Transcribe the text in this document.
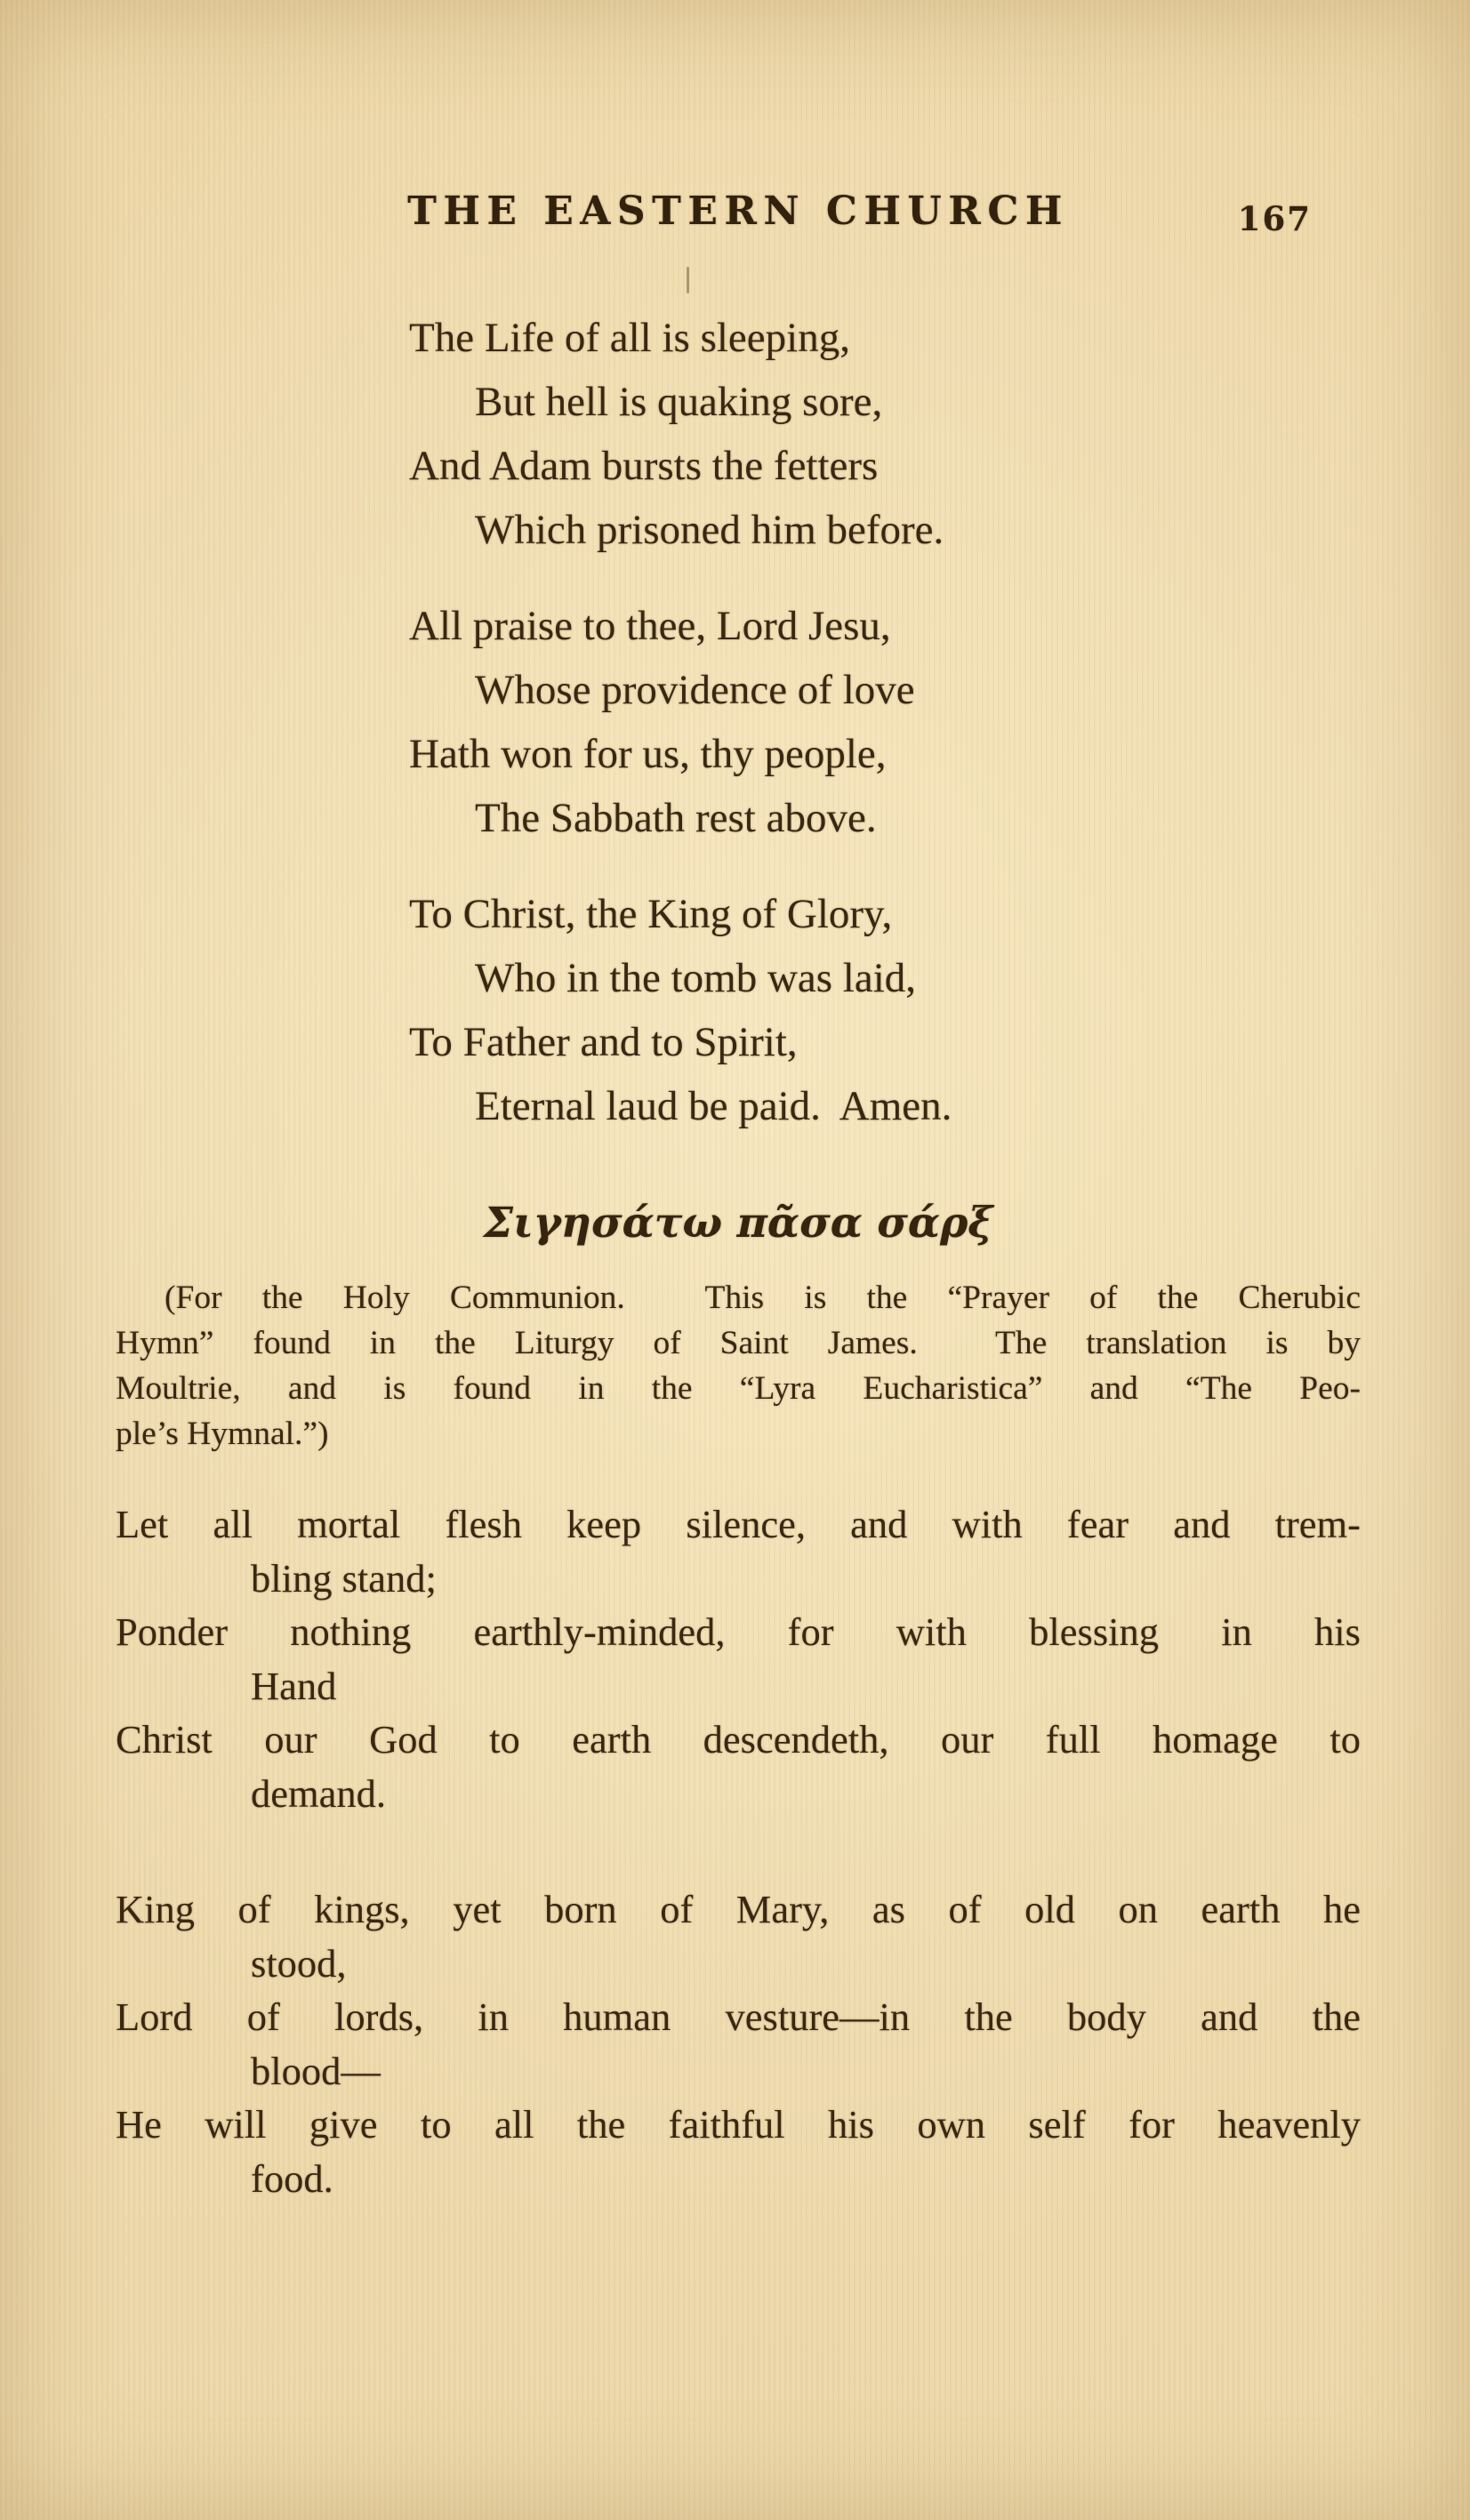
THE EASTERN CHURCH	167
The Life of all is sleeping,
But hell is quaking sore,
And Adam bursts the fetters
Which prisoned him before.
All praise to thee, Lord Jesu,
Whose providence of love
Hath won for us, thy people,
The Sabbath rest above.
To Christ, the King of Glory,
Who in the tomb was laid,
To Father and to Spirit,
Eternal laud be paid.  Amen.
Σιγησάτω πᾶσα σάρξ
(For the Holy Communion.  This is the “Prayer of the Cherubic
Hymn” found in the Liturgy of Saint James.  The translation is by
Moultrie, and is found in the “Lyra Eucharistica” and “The Peo-
ple’s Hymnal.”)
Let all mortal flesh keep silence, and with fear and trem-
bling stand;
Ponder nothing earthly-minded, for with blessing in his
Hand
Christ our God to earth descendeth, our full homage to
demand.
King of kings, yet born of Mary, as of old on earth he
stood,
Lord of lords, in human vesture—in the body and the
blood—
He will give to all the faithful his own self for heavenly
food.
